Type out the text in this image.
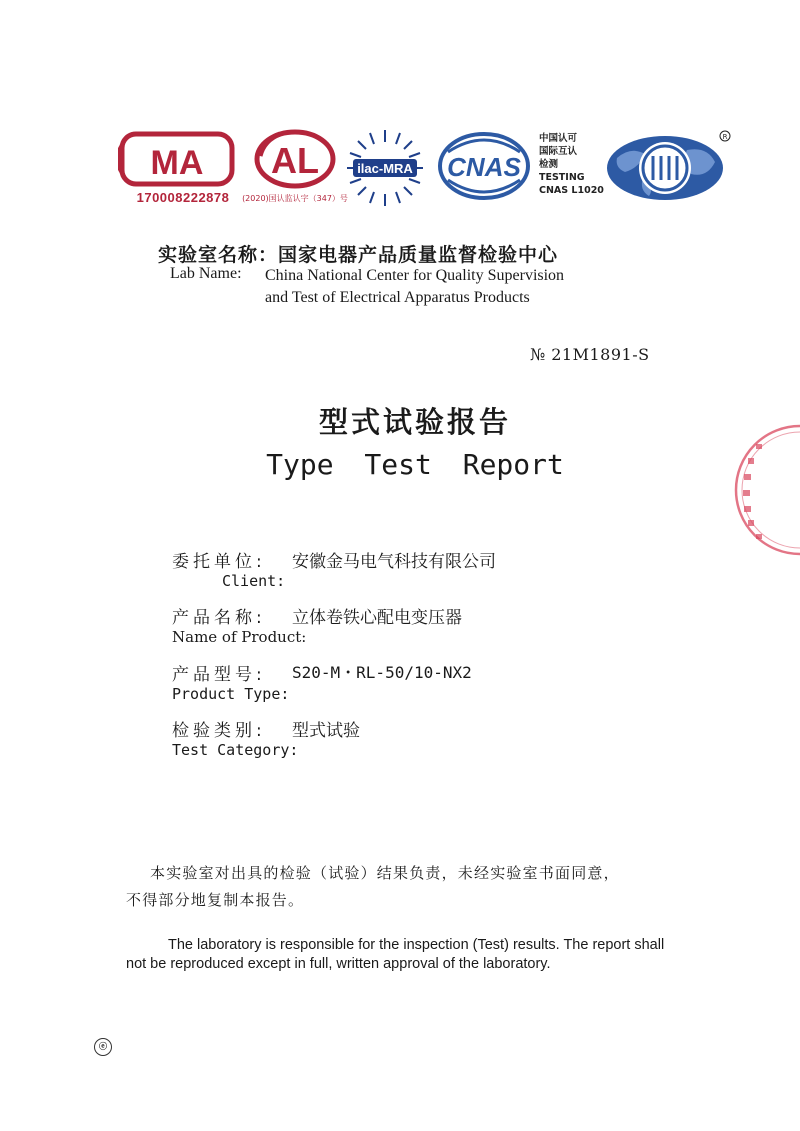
MA
170008222878
AL
(2020)国认监认字（347）号
ilac-MRA CNAS
中国认可
国际互认
检测
TESTING
CNAS L1020
R
实验室名称：国家电器产品质量监督检验中心
Lab Name: China National Center for Quality Supervision
and Test of Electrical Apparatus Products
№ 21M1891-S
型式试验报告
Type Test Report
委托单位: 安徽金马电气科技有限公司
Client:
产品名称: 立体卷铁心配电变压器
Name of Product:
产品型号: S20-M・RL-50/10-NX2
Product Type:
检验类别: 型式试验
Test Category:
本实验室对出具的检验（试验）结果负责，未经实验室书面同意，
不得部分地复制本报告。
The laboratory is responsible for the inspection (Test) results. The report shall
not be reproduced except in full, written approval of the laboratory.
ⓔ
